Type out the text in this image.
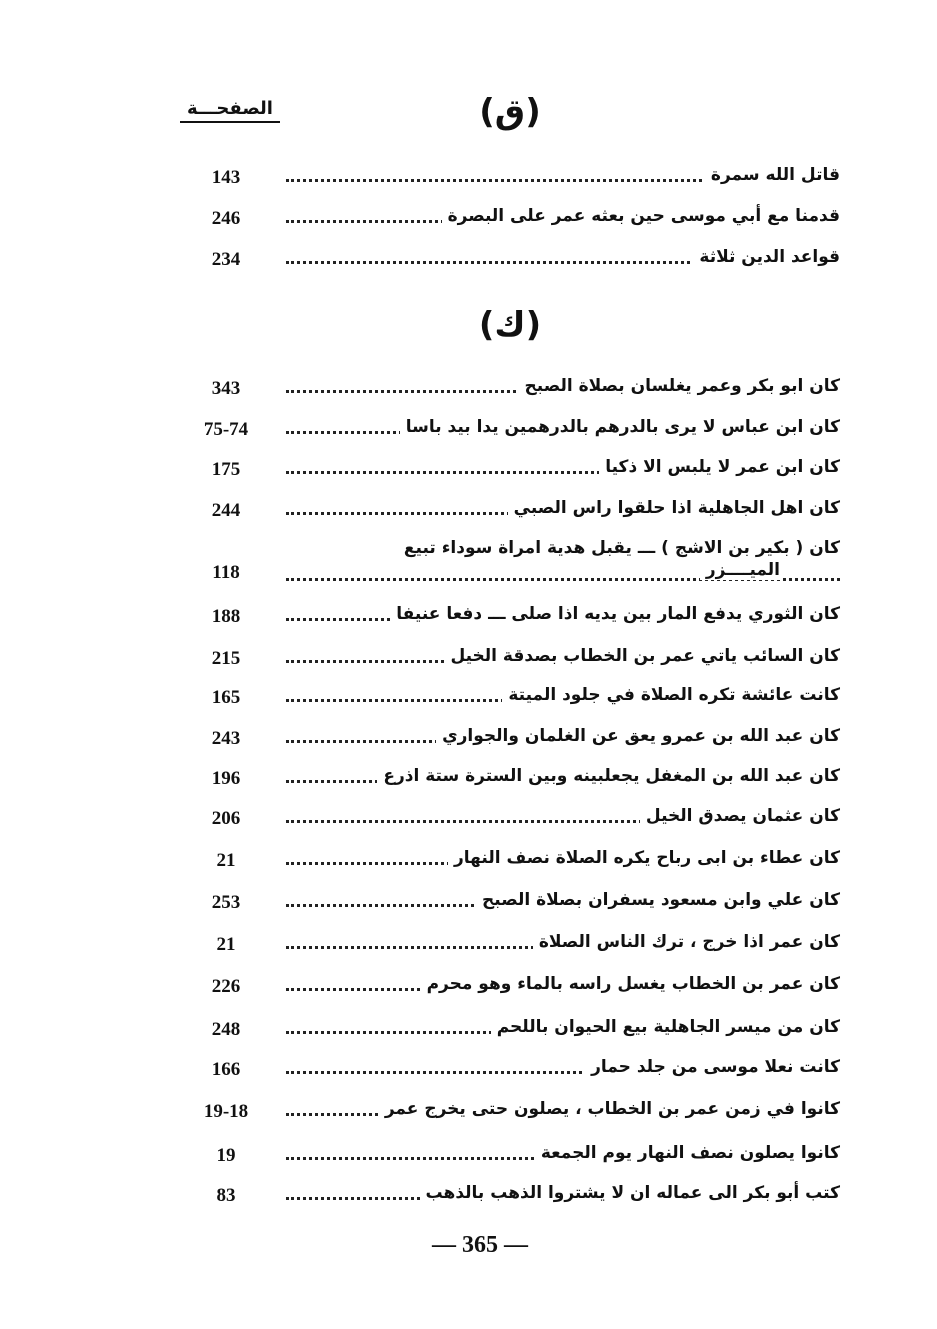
الصفحـــة	(ق)
قاتل الله سمرة
143
قدمنا مع أبي موسى حين بعثه عمر على البصرة
246
قواعد الدين ثلاثة
234
(ك)
كان ابو بكر وعمر يغلسان بصلاة الصبح
343
كان ابن عباس لا يرى بالدرهم بالدرهمين يدا بيد باسا
75-74
كان ابن عمر لا يلبس الا ذكيا
175
كان اهل الجاهلية اذا حلقوا راس الصبي
244
كان ( بكير بن الاشج ) ـــ يقبل هدية امراة سوداء تبيع
الميــــزر
118
كان الثوري يدفع المار بين يديه اذا صلى ـــ دفعا عنيفا
188
كان السائب ياتي عمر بن الخطاب بصدقة الخيل
215
كانت عائشة تكره الصلاة في جلود الميتة
165
كان عبد الله بن عمرو يعق عن الغلمان والجواري
243
كان عبد الله بن المغفل يجعلبينه وبين السترة ستة اذرع
196
كان عثمان يصدق الخيل
206
كان عطاء بن ابى رباح يكره الصلاة نصف النهار
21
كان علي وابن مسعود يسفران بصلاة الصبح
253
كان عمر اذا خرج ، ترك الناس الصلاة
21
كان عمر بن الخطاب يغسل راسه بالماء وهو محرم
226
كان من ميسر الجاهلية بيع الحيوان باللحم
248
كانت نعلا موسى من جلد حمار
166
كانوا في زمن عمر بن الخطاب ، يصلون حتى يخرج عمر
19-18
كانوا يصلون نصف النهار يوم الجمعة
19
كتب أبو بكر الى عماله ان لا يشتروا الذهب بالذهب
83
— 365 —
